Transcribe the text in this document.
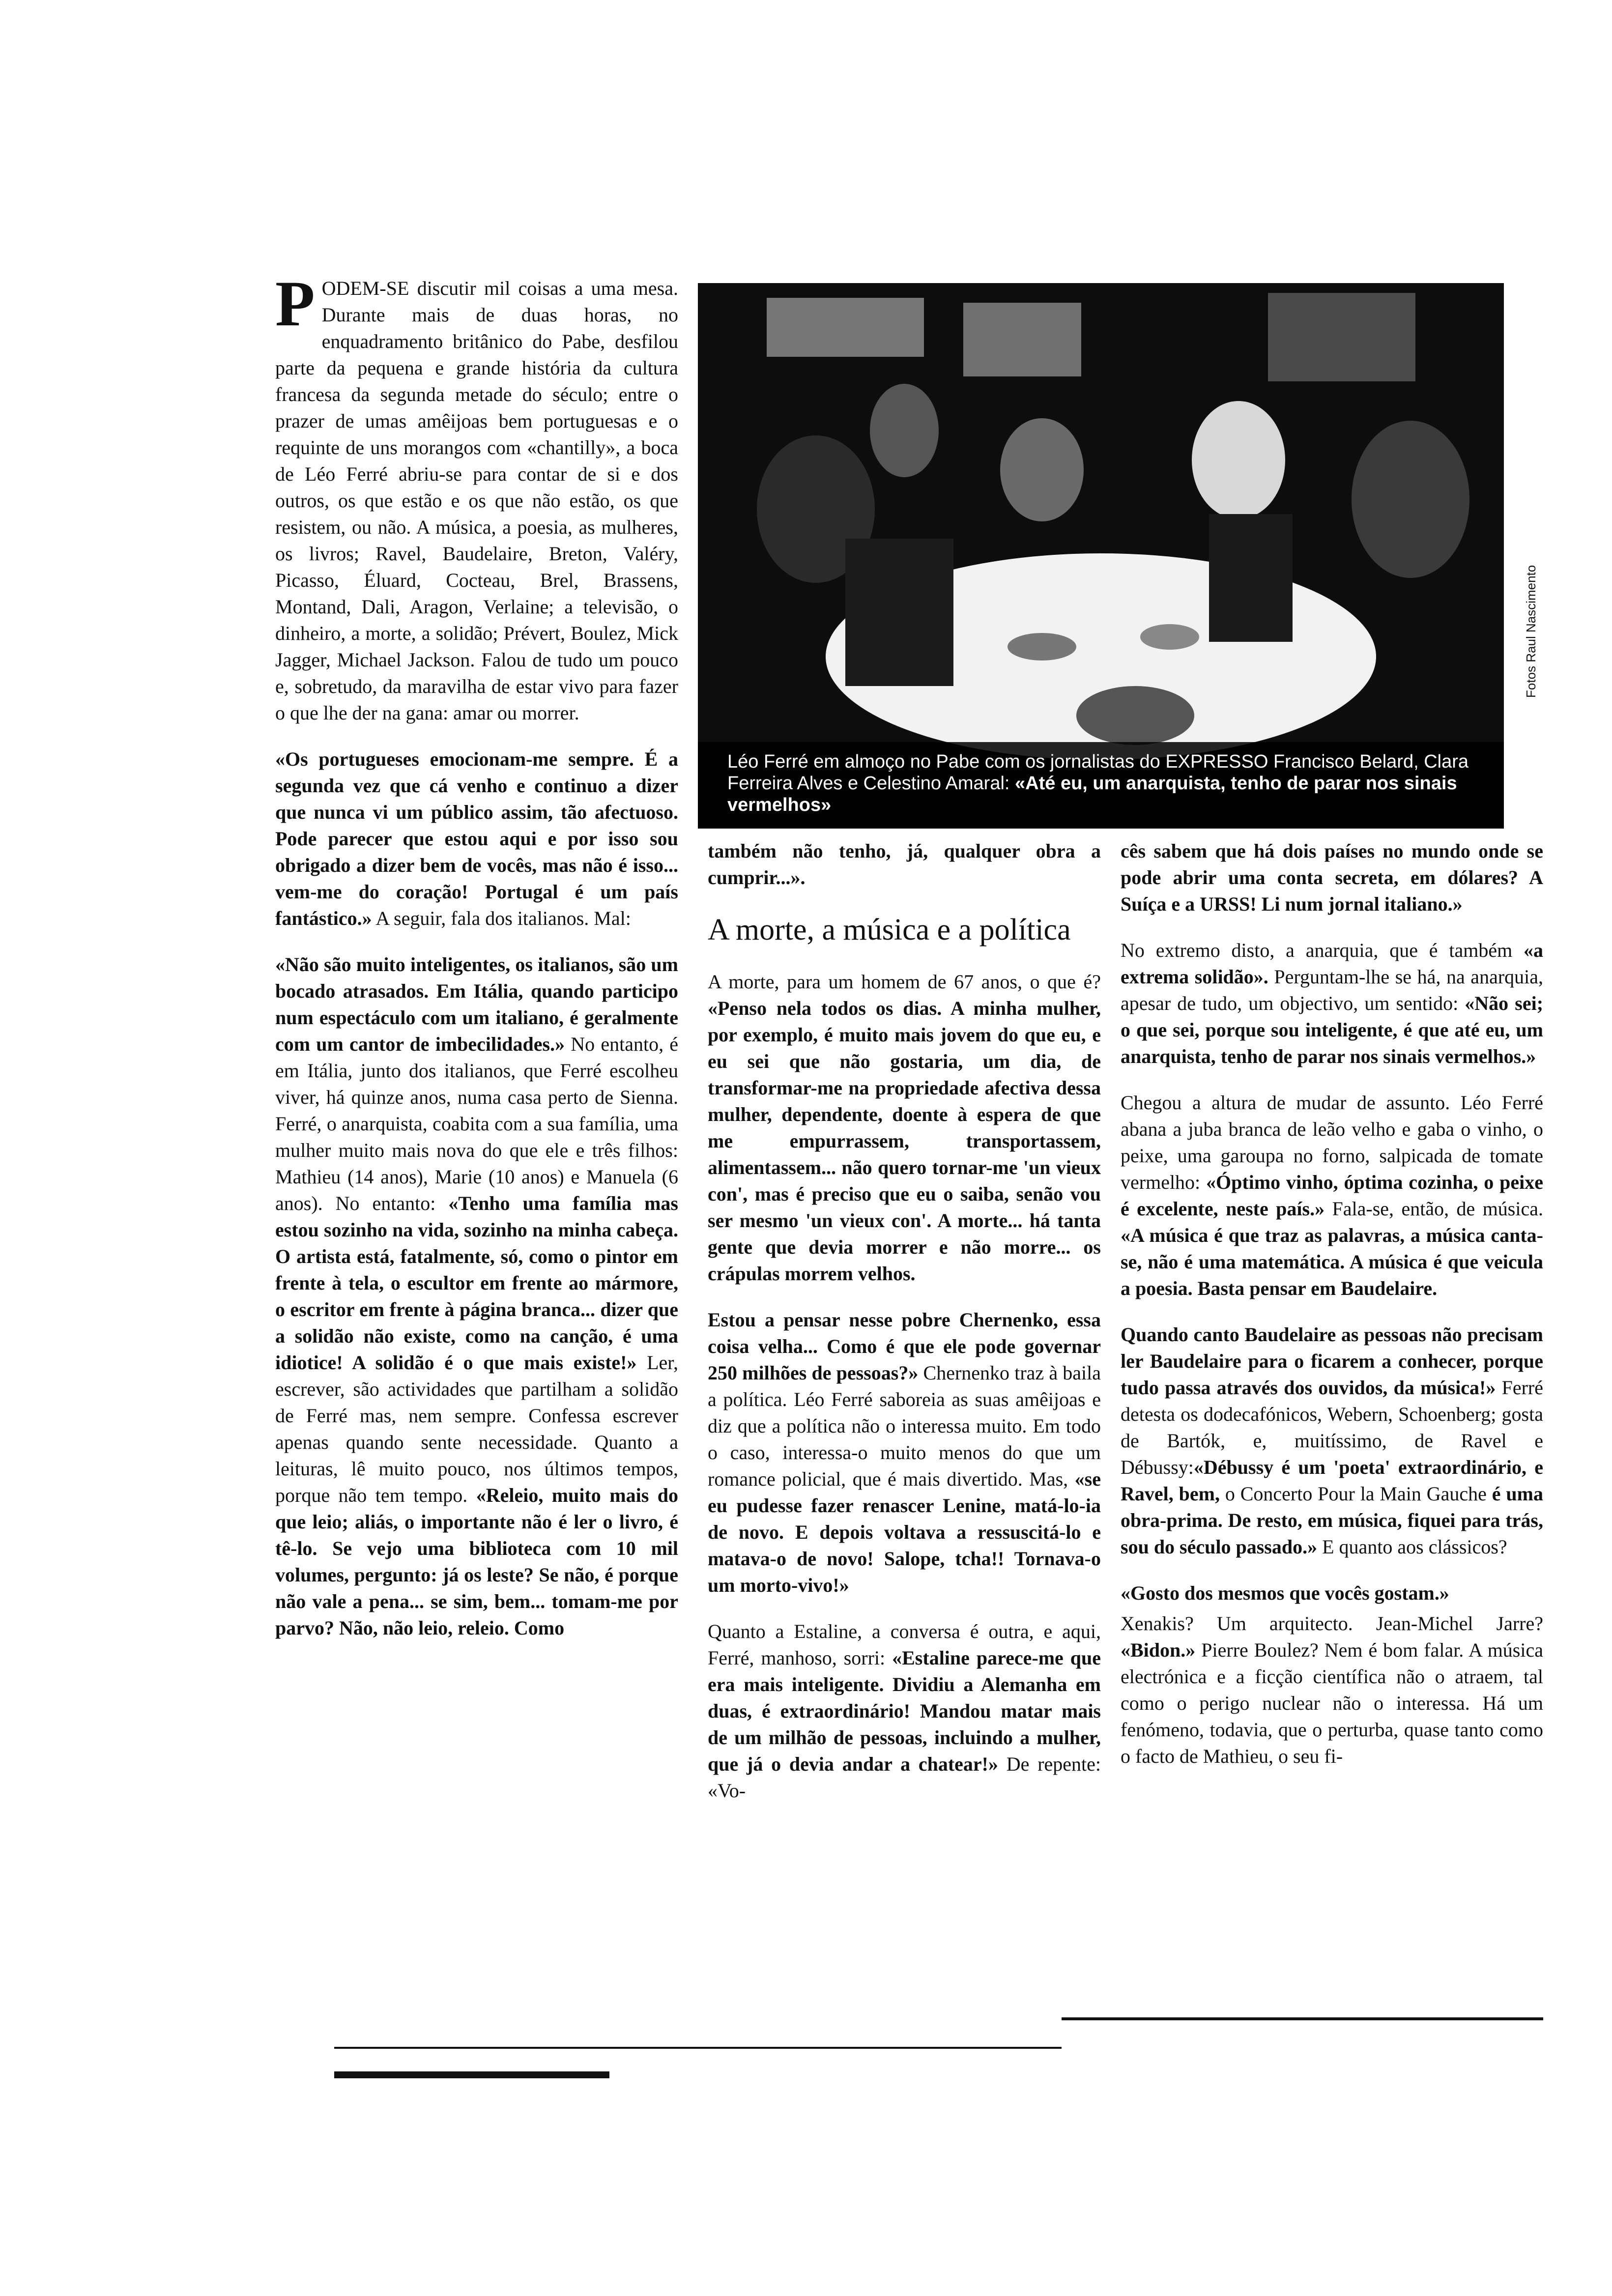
P ODEM-SE discutir mil coisas a uma mesa. Durante mais de duas horas, no enquadramento britânico do Pabe, desfilou parte da pequena e grande história da cultura francesa da segunda metade do século; entre o prazer de umas amêijoas bem portuguesas e o requinte de uns morangos com «chantilly», a boca de Léo Ferré abriu-se para contar de si e dos outros, os que estão e os que não estão, os que resistem, ou não. A música, a poesia, as mulheres, os livros; Ravel, Baudelaire, Breton, Valéry, Picasso, Éluard, Cocteau, Brel, Brassens, Montand, Dali, Aragon, Verlaine; a televisão, o dinheiro, a morte, a solidão; Prévert, Boulez, Mick Jagger, Michael Jackson. Falou de tudo um pouco e, sobretudo, da maravilha de estar vivo para fazer o que lhe der na gana: amar ou morrer.

«Os portugueses emocionam-me sempre. É a segunda vez que cá venho e continuo a dizer que nunca vi um público assim, tão afectuoso. Pode parecer que estou aqui e por isso sou obrigado a dizer bem de vocês, mas não é isso... vem-me do coração! Portugal é um país fantástico.» A seguir, fala dos italianos. Mal:

«Não são muito inteligentes, os italianos, são um bocado atrasados. Em Itália, quando participo num espectáculo com um italiano, é geralmente com um cantor de imbecilidades.» No entanto, é em Itália, junto dos italianos, que Ferré escolheu viver, há quinze anos, numa casa perto de Sienna. Ferré, o anarquista, coabita com a sua família, uma mulher muito mais nova do que ele e três filhos: Mathieu (14 anos), Marie (10 anos) e Manuela (6 anos). No entanto: «Tenho uma família mas estou sozinho na vida, sozinho na minha cabeça. O artista está, fatalmente, só, como o pintor em frente à tela, o escultor em frente ao mármore, o escritor em frente à página branca... dizer que a solidão não existe, como na canção, é uma idiotice! A solidão é o que mais existe!» Ler, escrever, são actividades que partilham a solidão de Ferré mas, nem sempre. Confessa escrever apenas quando sente necessidade. Quanto a leituras, lê muito pouco, nos últimos tempos, porque não tem tempo. «Releio, muito mais do que leio; aliás, o importante não é ler o livro, é tê-lo. Se vejo uma biblioteca com 10 mil volumes, pergunto: já os leste? Se não, é porque não vale a pena... se sim, bem... tomam-me por parvo? Não, não leio, releio. Como

Léo Ferré em almoço no Pabe com os jornalistas do EXPRESSO Francisco Belard, Clara Ferreira Alves e Celestino Amaral: «Até eu, um anarquista, tenho de parar nos sinais vermelhos»
Fotos Raul Nascimento

também não tenho, já, qualquer obra a cumprir...».

A morte, a música e a política

A morte, para um homem de 67 anos, o que é? «Penso nela todos os dias. A minha mulher, por exemplo, é muito mais jovem do que eu, e eu sei que não gostaria, um dia, de transformar-me na propriedade afectiva dessa mulher, dependente, doente à espera de que me empurrassem, transportassem, alimentassem... não quero tornar-me 'un vieux con', mas é preciso que eu o saiba, senão vou ser mesmo 'un vieux con'. A morte... há tanta gente que devia morrer e não morre... os crápulas morrem velhos.

Estou a pensar nesse pobre Chernenko, essa coisa velha... Como é que ele pode governar 250 milhões de pessoas?» Chernenko traz à baila a política. Léo Ferré saboreia as suas amêijoas e diz que a política não o interessa muito. Em todo o caso, interessa-o muito menos do que um romance policial, que é mais divertido. Mas, «se eu pudesse fazer renascer Lenine, matá-lo-ia de novo. E depois voltava a ressuscitá-lo e matava-o de novo! Salope, tcha!! Tornava-o um morto-vivo!»

Quanto a Estaline, a conversa é outra, e aqui, Ferré, manhoso, sorri: «Estaline parece-me que era mais inteligente. Dividiu a Alemanha em duas, é extraordinário! Mandou matar mais de um milhão de pessoas, incluindo a mulher, que já o devia andar a chatear!» De repente: «Vo-

cês sabem que há dois países no mundo onde se pode abrir uma conta secreta, em dólares? A Suíça e a URSS! Li num jornal italiano.»

No extremo disto, a anarquia, que é também «a extrema solidão». Perguntam-lhe se há, na anarquia, apesar de tudo, um objectivo, um sentido: «Não sei; o que sei, porque sou inteligente, é que até eu, um anarquista, tenho de parar nos sinais vermelhos.»

Chegou a altura de mudar de assunto. Léo Ferré abana a juba branca de leão velho e gaba o vinho, o peixe, uma garoupa no forno, salpicada de tomate vermelho: «Óptimo vinho, óptima cozinha, o peixe é excelente, neste país.» Fala-se, então, de música. «A música é que traz as palavras, a música canta-se, não é uma matemática. A música é que veicula a poesia. Basta pensar em Baudelaire.

Quando canto Baudelaire as pessoas não precisam ler Baudelaire para o ficarem a conhecer, porque tudo passa através dos ouvidos, da música!» Ferré detesta os dodecafónicos, Webern, Schoenberg; gosta de Bartók, e, muitíssimo, de Ravel e Débussy:«Débussy é um 'poeta' extraordinário, e Ravel, bem, o Concerto Pour la Main Gauche é uma obra-prima. De resto, em música, fiquei para trás, sou do século passado.» E quanto aos clássicos?

«Gosto dos mesmos que vocês gostam.»

Xenakis? Um arquitecto. Jean-Michel Jarre? «Bidon.» Pierre Boulez? Nem é bom falar. A música electrónica e a ficção científica não o atraem, tal como o perigo nuclear não o interessa. Há um fenómeno, todavia, que o perturba, quase tanto como o facto de Mathieu, o seu fi-
